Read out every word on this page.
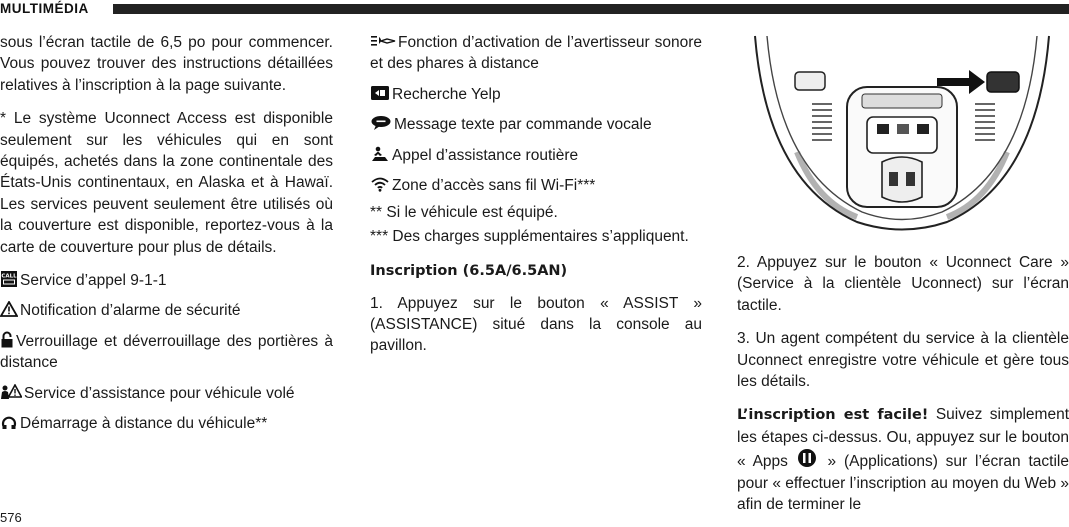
MULTIMÉDIA

sous l’écran tactile de 6,5 po pour commencer. Vous pouvez trouver des instructions détaillées relatives à l’inscription à la page suivante.

* Le système Uconnect Access est disponible seulement sur les véhicules qui en sont équipés, achetés dans la zone continentale des États-Unis continentaux, en Alaska et à Hawaï. Les services peuvent seulement être utilisés où la couverture est disponible, reportez-vous à la carte de couverture pour plus de détails.

CALL Service d’appel 9-1-1
Notification d’alarme de sécurité
Verrouillage et déverrouillage des portières à distance
Service d’assistance pour véhicule volé
Démarrage à distance du véhicule**
Fonction d’activation de l’avertisseur sonore et des phares à distance
Recherche Yelp
Message texte par commande vocale
Appel d’assistance routière
Zone d’accès sans fil Wi-Fi***
** Si le véhicule est équipé.
*** Des charges supplémentaires s’appliquent.
Inscription (6.5A/6.5AN)

1. Appuyez sur le bouton « ASSIST » (ASSISTANCE) situé dans la console au pavillon.

2. Appuyez sur le bouton « Uconnect Care » (Service à la clientèle Uconnect) sur l’écran tactile.

3. Un agent compétent du service à la clientèle Uconnect enregistre votre véhicule et gère tous les détails.

L’inscription est facile! Suivez simplement les étapes ci-dessus. Ou, appuyez sur le bouton « Apps
» (Applications) sur l’écran tactile pour « effectuer l’inscription au moyen du Web » afin de terminer le

576
